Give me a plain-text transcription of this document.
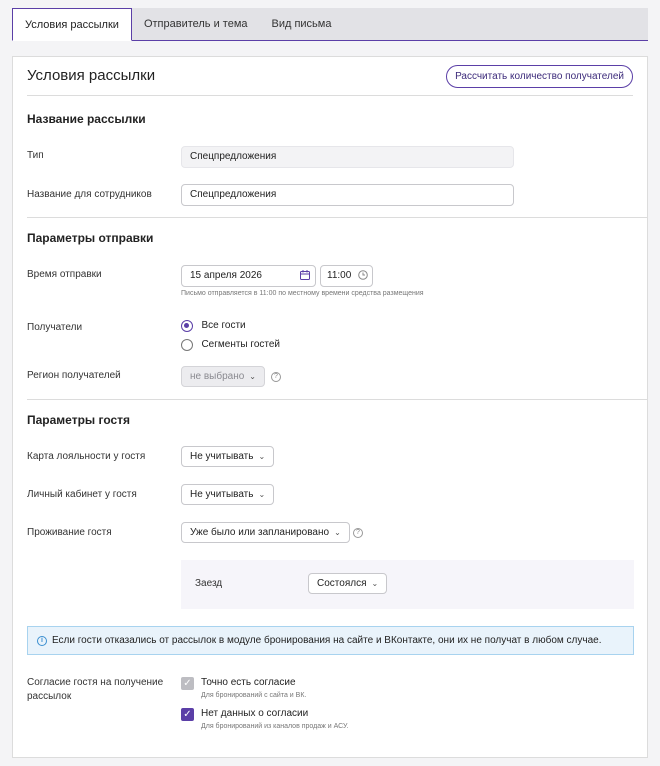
Условия рассылки	Отправитель и тема	Вид письма
Условия рассылки	Рассчитать количество получателей
Название рассылки
Тип	Спецпредложения
Название для сотрудников	Спецпредложения
Параметры отправки
Время отправки	15 апреля 2026	11:00
Письмо отправляется в 11:00 по местному времени средства размещения
Получатели	Все гости
Сегменты гостей
Регион получателей	не выбрано ⌄	?
Параметры гостя
Карта лояльности у гостя	Не учитывать ⌄
Личный кабинет у гостя	Не учитывать ⌄
Проживание гостя	Уже было или запланировано ⌄	?
Заезд	Состоялся ⌄
i Если гости отказались от рассылок в модуле бронирования на сайте и ВКонтакте, они их не получат в любом случае.
Согласие гостя на получение рассылок
✓ Точно есть согласие
Для бронирований с сайта и ВК.
✓ Нет данных о согласии
Для бронирований из каналов продаж и АСУ.
